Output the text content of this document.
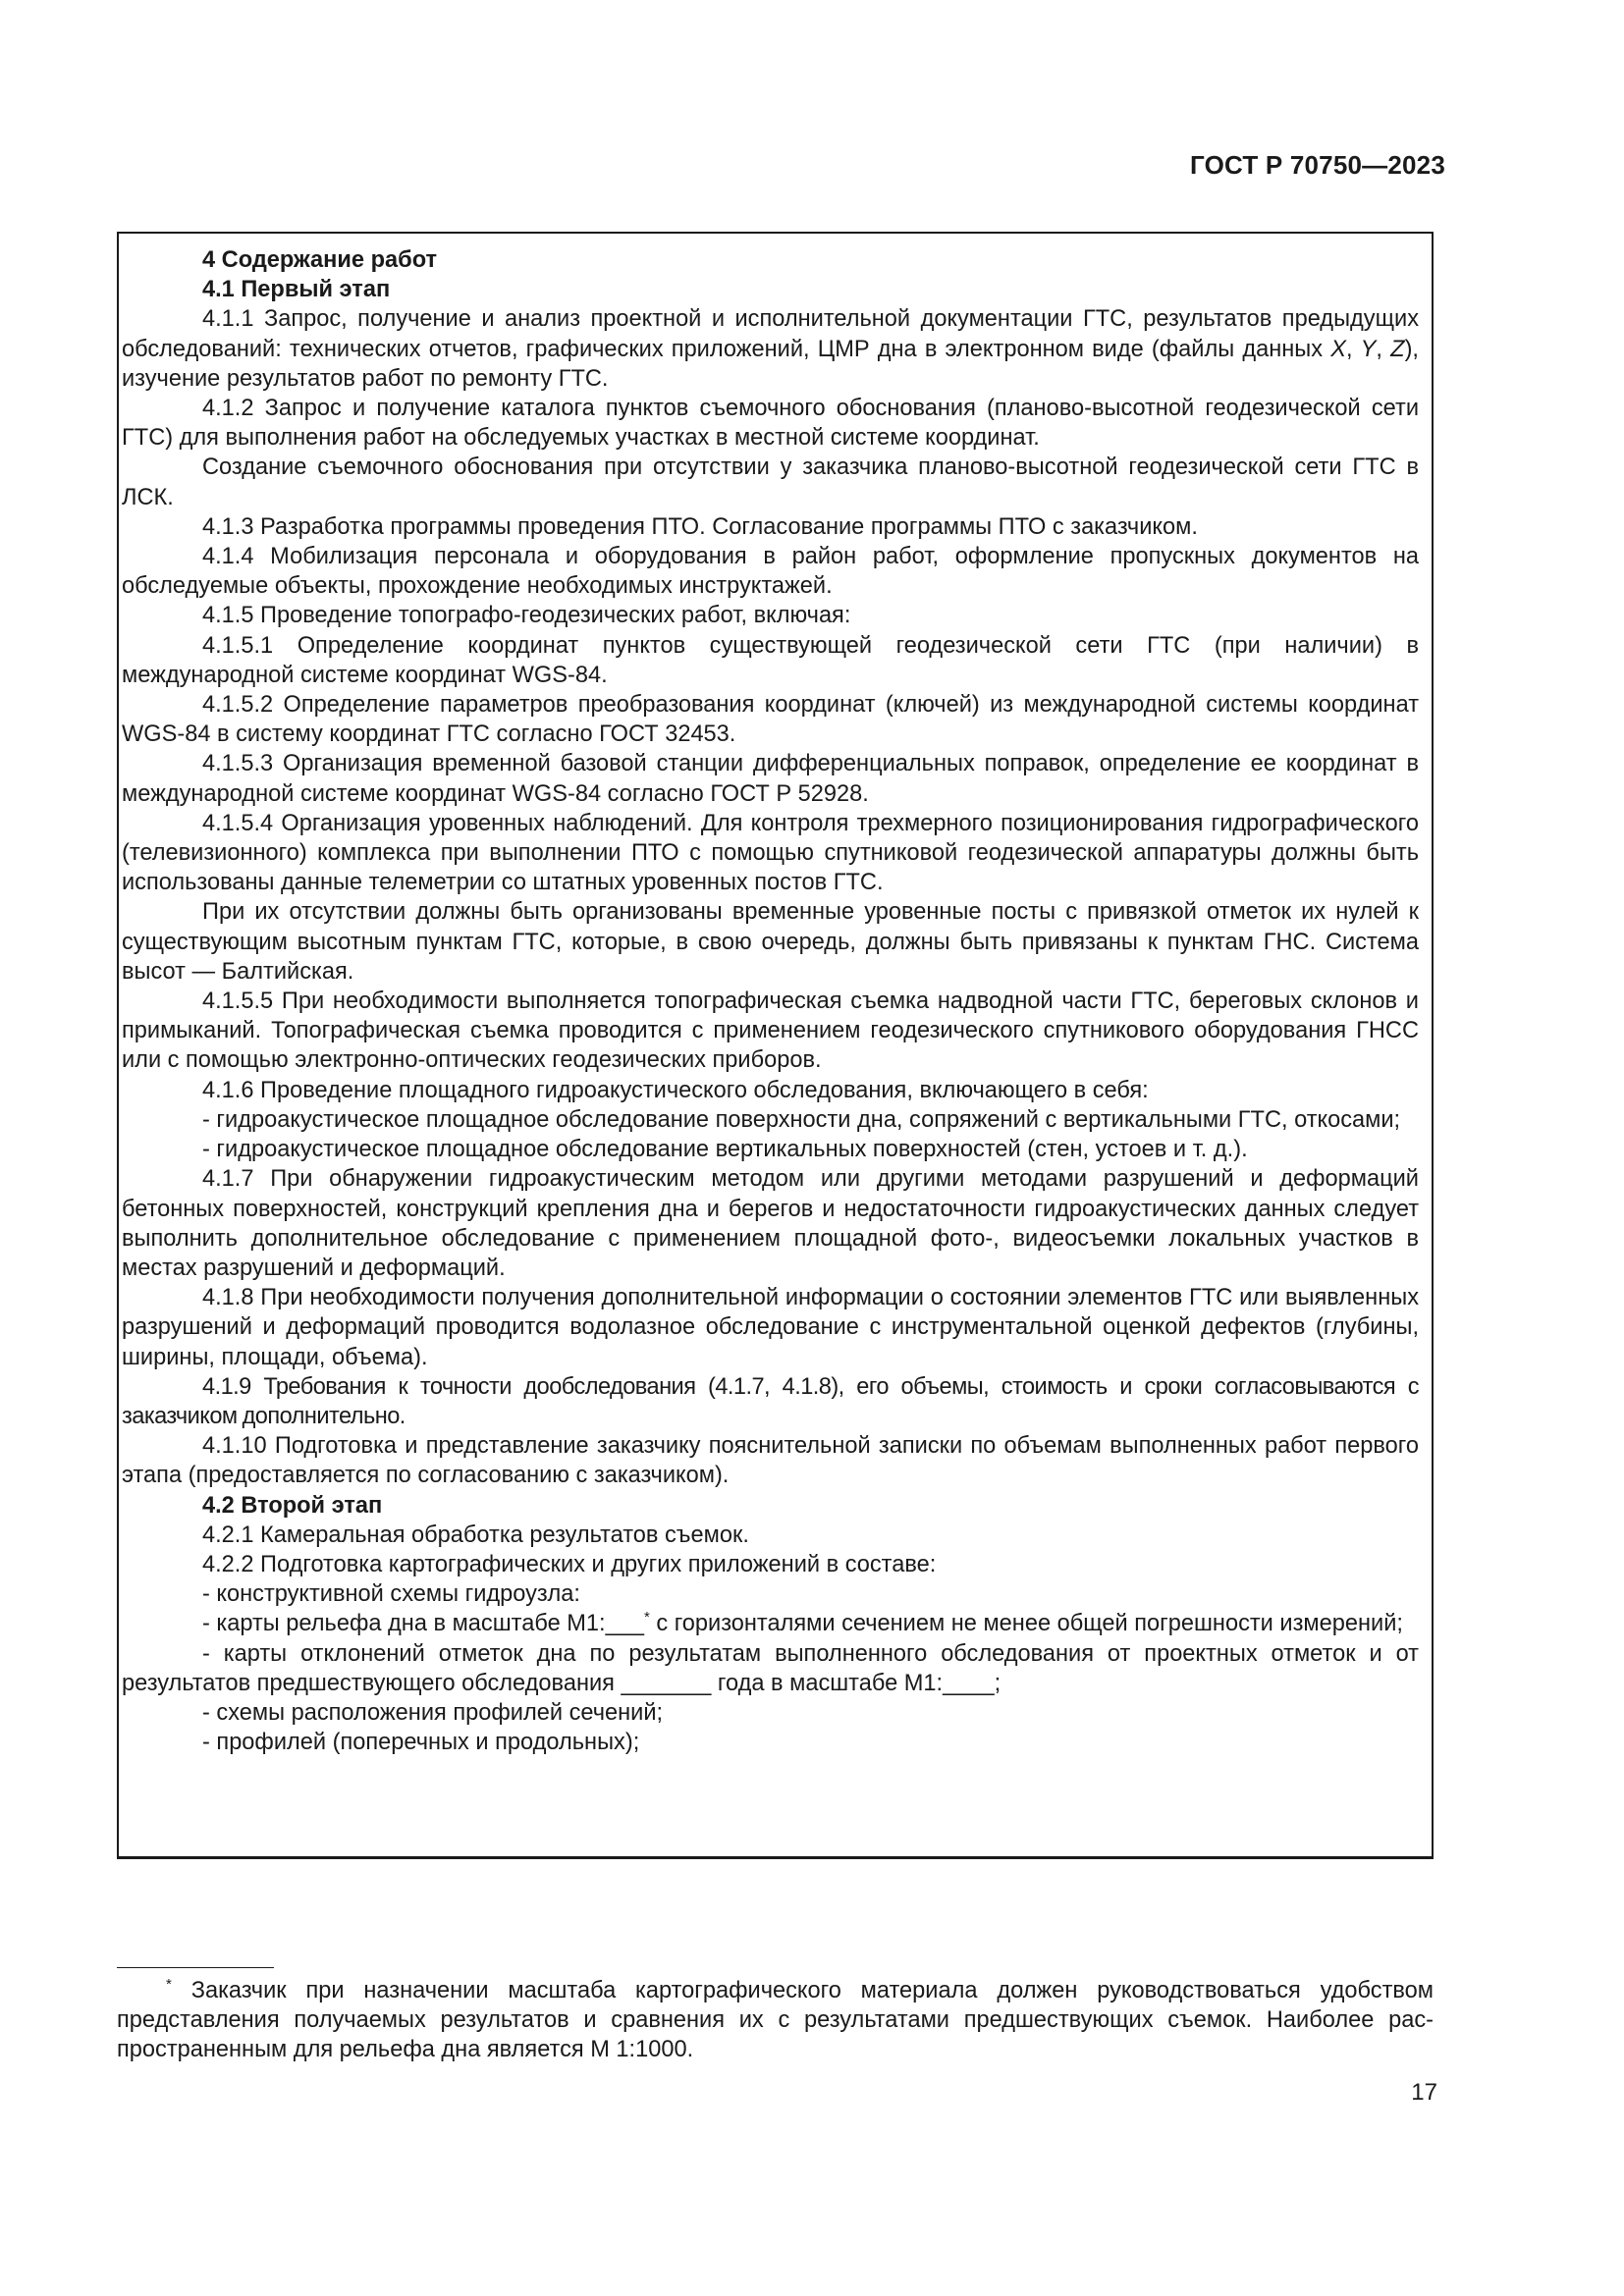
ГОСТ Р 70750—2023

4 Содержание работ

4.1 Первый этап

4.1.1 Запрос, получение и анализ проектной и исполнительной документации ГТС, результатов предыдущих обследований: технических отчетов, графических приложений, ЦМР дна в электронном виде (файлы данных X, Y, Z), изучение результатов работ по ремонту ГТС.

4.1.2 Запрос и получение каталога пунктов съемочного обоснования (планово-высотной геодезической сети ГТС) для выполнения работ на обследуемых участках в местной системе координат.

Создание съемочного обоснования при отсутствии у заказчика планово-высотной геодезической сети ГТС в ЛСК.

4.1.3 Разработка программы проведения ПТО. Согласование программы ПТО с заказчиком.

4.1.4 Мобилизация персонала и оборудования в район работ, оформление пропускных документов на обследуемые объекты, прохождение необходимых инструктажей.

4.1.5 Проведение топографо-геодезических работ, включая:

4.1.5.1 Определение координат пунктов существующей геодезической сети ГТС (при наличии) в международной системе координат WGS-84.

4.1.5.2 Определение параметров преобразования координат (ключей) из международной системы координат WGS-84 в систему координат ГТС согласно ГОСТ 32453.

4.1.5.3 Организация временной базовой станции дифференциальных поправок, определение ее координат в международной системе координат WGS-84 согласно ГОСТ Р 52928.

4.1.5.4 Организация уровенных наблюдений. Для контроля трехмерного позиционирования гидрографического (телевизионного) комплекса при выполнении ПТО с помощью спутниковой геодезической аппаратуры должны быть использованы данные телеметрии со штатных уровенных постов ГТС.

При их отсутствии должны быть организованы временные уровенные посты с привязкой отметок их нулей к существующим высотным пунктам ГТС, которые, в свою очередь, должны быть привязаны к пунктам ГНС. Система высот — Балтийская.

4.1.5.5 При необходимости выполняется топографическая съемка надводной части ГТС, береговых склонов и примыканий. Топографическая съемка проводится с применением геодезического спутникового оборудования ГНСС или с помощью электронно-оптических геодезических приборов.

4.1.6 Проведение площадного гидроакустического обследования, включающего в себя:

- гидроакустическое площадное обследование поверхности дна, сопряжений с вертикальными ГТС, откосами;

- гидроакустическое площадное обследование вертикальных поверхностей (стен, устоев и т. д.).

4.1.7 При обнаружении гидроакустическим методом или другими методами разрушений и деформаций бетонных поверхностей, конструкций крепления дна и берегов и недостаточности гидроакустических данных следует выполнить дополнительное обследование с применением площадной фото-, видеосъемки локальных участков в местах разрушений и деформаций.

4.1.8 При необходимости получения дополнительной информации о состоянии элементов ГТС или выявленных разрушений и деформаций проводится водолазное обследование с инструментальной оценкой дефектов (глубины, ширины, площади, объема).

4.1.9 Требования к точности дообследования (4.1.7, 4.1.8), его объемы, стоимость и сроки согласовываются с заказчиком дополнительно.

4.1.10 Подготовка и представление заказчику пояснительной записки по объемам выполненных работ первого этапа (предоставляется по согласованию с заказчиком).

4.2 Второй этап

4.2.1 Камеральная обработка результатов съемок.

4.2.2 Подготовка картографических и других приложений в составе:

- конструктивной схемы гидроузла:

- карты рельефа дна в масштабе М1:___* с горизонталями сечением не менее общей погрешности измерений;

- карты отклонений отметок дна по результатам выполненного обследования от проектных отметок и от результатов предшествующего обследования _______ года в масштабе М1:____;

- схемы расположения профилей сечений;

- профилей (поперечных и продольных);

* Заказчик при назначении масштаба картографического материала должен руководствоваться удобством представления получаемых результатов и сравнения их с результатами предшествующих съемок. Наиболее распространенным для рельефа дна является М 1:1000.

17
